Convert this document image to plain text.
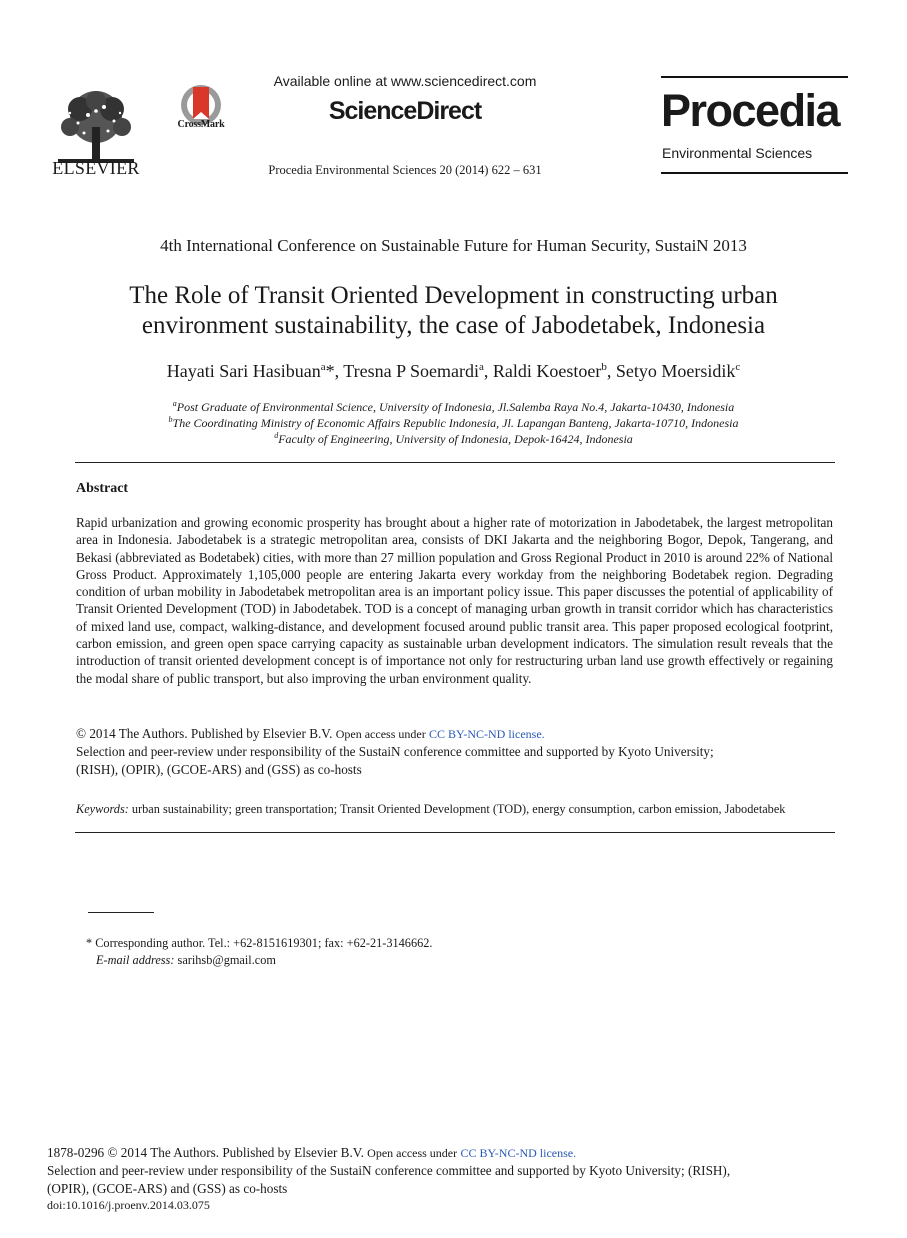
ELSEVIER
CrossMark
Available online at www.sciencedirect.com
ScienceDirect
Procedia Environmental Sciences 20 (2014) 622 – 631
Procedia
Environmental Sciences
4th International Conference on Sustainable Future for Human Security, SustaiN 2013
The Role of Transit Oriented Development in constructing urban
environment sustainability, the case of Jabodetabek, Indonesia
Hayati Sari Hasibuan$^a$*, Tresna P Soemardi$^a$, Raldi Koestoer$^b$, Setyo Moersidik$^c$
$^a$Post Graduate of Environmental Science, University of Indonesia, Jl.Salemba Raya No.4, Jakarta-10430, Indonesia
$^b$The Coordinating Ministry of Economic Affairs Republic Indonesia, Jl. Lapangan Banteng, Jakarta-10710, Indonesia
$^d$Faculty of Engineering, University of Indonesia, Depok-16424, Indonesia
Abstract
Rapid urbanization and growing economic prosperity has brought about a higher rate of motorization in Jabodetabek, the largest metropolitan area in Indonesia. Jabodetabek is a strategic metropolitan area, consists of DKI Jakarta and the neighboring Bogor, Depok, Tangerang, and Bekasi (abbreviated as Bodetabek) cities, with more than 27 million population and Gross Regional Product in 2010 is around 22% of National Gross Product. Approximately 1,105,000 people are entering Jakarta every workday from the neighboring Bodetabek region. Degrading condition of urban mobility in Jabodetabek metropolitan area is an important policy issue. This paper discusses the potential of applicability of Transit Oriented Development (TOD) in Jabodetabek. TOD is a concept of managing urban growth in transit corridor which has characteristics of mixed land use, compact, walking-distance, and development focused around public transit area. This paper proposed ecological footprint, carbon emission, and green open space carrying capacity as sustainable urban development indicators. The simulation result reveals that the introduction of transit oriented development concept is of importance not only for restructuring urban land use growth effectively or regaining the modal share of public transport, but also improving the urban environment quality.
© 2014 The Authors. Published by Elsevier B.V. Open access under CC BY-NC-ND license.
Selection and peer-review under responsibility of the SustaiN conference committee and supported by Kyoto University;
(RISH), (OPIR), (GCOE-ARS) and (GSS) as co-hosts
Keywords: urban sustainability; green transportation; Transit Oriented Development (TOD), energy consumption, carbon emission, Jabodetabek
* Corresponding author. Tel.: +62-8151619301; fax: +62-21-3146662.
E-mail address: sarihsb@gmail.com
1878-0296 © 2014 The Authors. Published by Elsevier B.V. Open access under CC BY-NC-ND license.
Selection and peer-review under responsibility of the SustaiN conference committee and supported by Kyoto University; (RISH),
(OPIR), (GCOE-ARS) and (GSS) as co-hosts
doi:10.1016/j.proenv.2014.03.075
